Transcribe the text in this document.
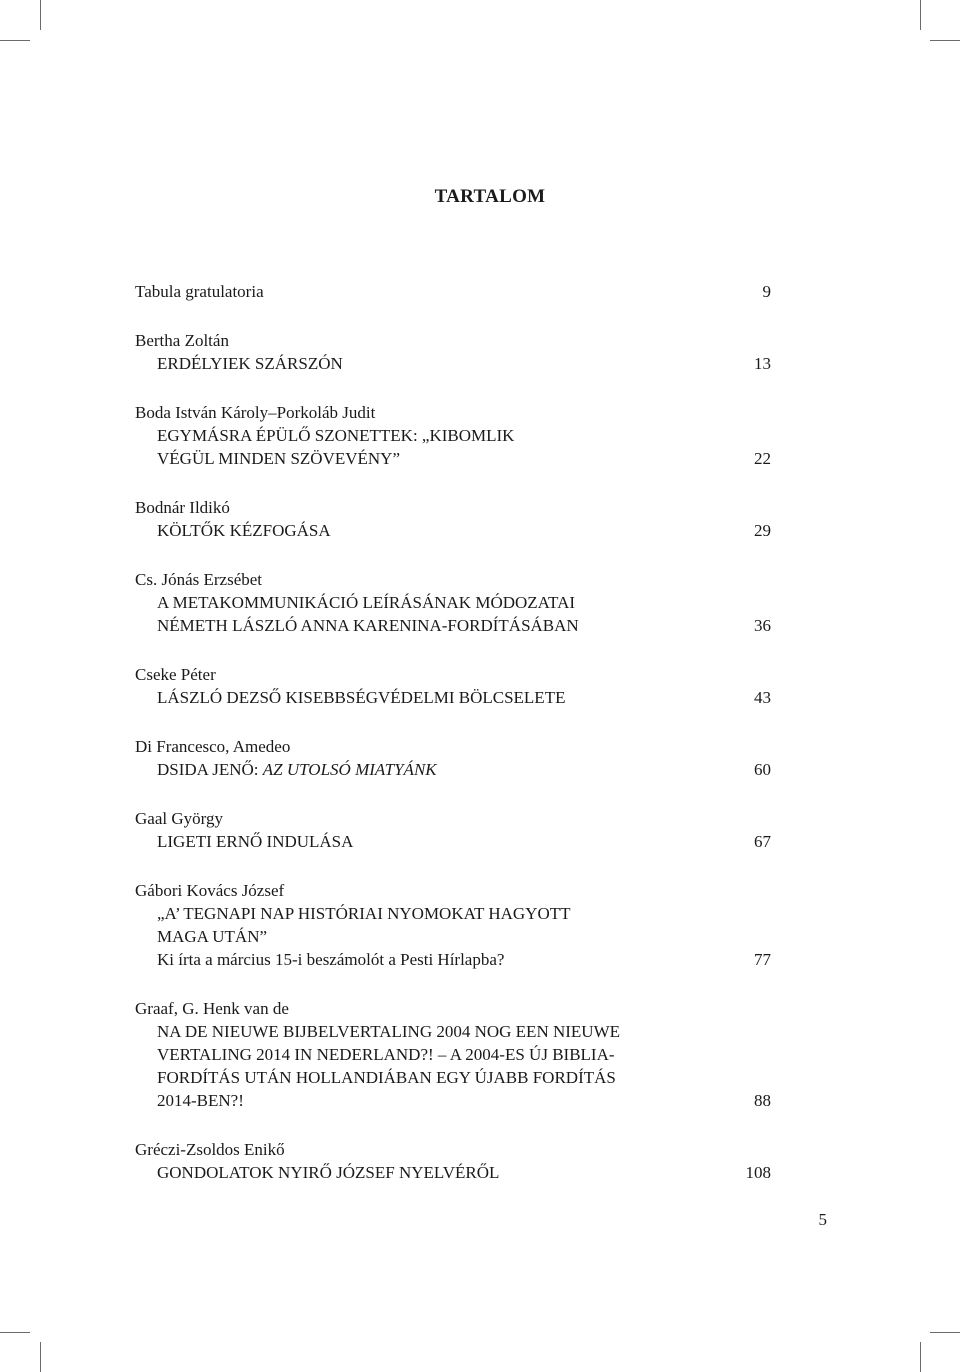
TARTALOM
Tabula gratulatoria	9
Bertha Zoltán
ERDÉLYIEK SZÁRSZÓN	13
Boda István Károly–Porkoláb Judit
EGYMÁSRA ÉPÜLŐ SZONETTEK: „KIBOMLIK
VÉGÜL MINDEN SZÖVEVÉNY”	22
Bodnár Ildikó
KÖLTŐK KÉZFOGÁSA	29
Cs. Jónás Erzsébet
A METAKOMMUNIKÁCIÓ LEÍRÁSÁNAK MÓDOZATAI
NÉMETH LÁSZLÓ ANNA KARENINA-FORDÍTÁSÁBAN	36
Cseke Péter
LÁSZLÓ DEZSŐ KISEBBSÉGVÉDELMI BÖLCSELETE	43
Di Francesco, Amedeo
DSIDA JENŐ: AZ UTOLSÓ MIATYÁNK	60
Gaal György
LIGETI ERNŐ INDULÁSA	67
Gábori Kovács József
„A’ TEGNAPI NAP HISTÓRIAI NYOMOKAT HAGYOTT
MAGA UTÁN”
Ki írta a március 15-i beszámolót a Pesti Hírlapba?	77
Graaf, G. Henk van de
NA DE NIEUWE BIJBELVERTALING 2004 NOG EEN NIEUWE
VERTALING 2014 IN NEDERLAND?! – A 2004-ES ÚJ BIBLIA-
FORDÍTÁS UTÁN HOLLANDIÁBAN EGY ÚJABB FORDÍTÁS
2014-BEN?!	88
Gréczi-Zsoldos Enikő
GONDOLATOK NYIRŐ JÓZSEF NYELVÉRŐL	108
5
